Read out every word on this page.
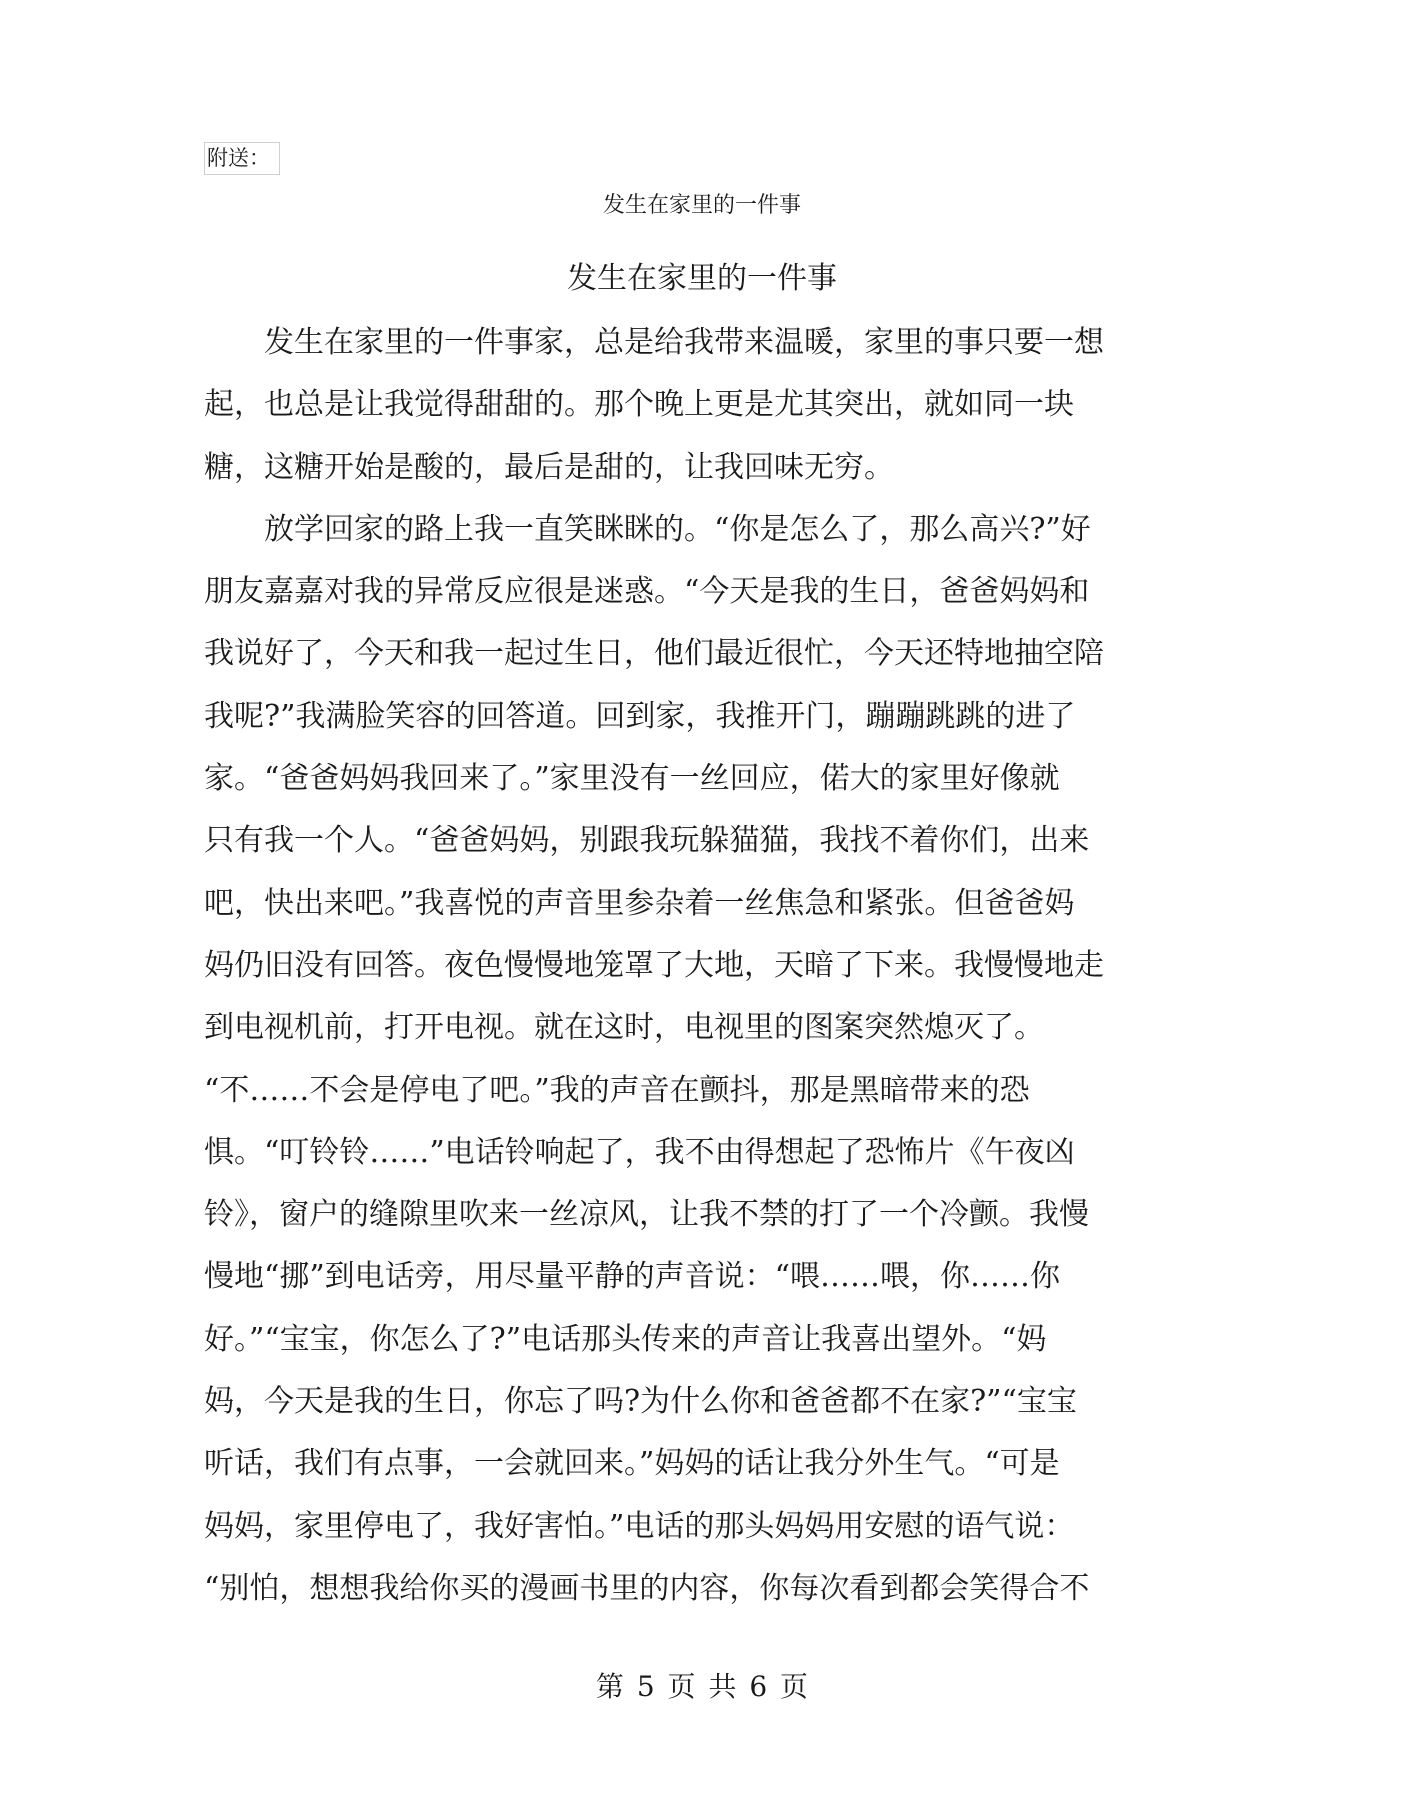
附送：
发生在家里的一件事
发生在家里的一件事
　　发生在家里的一件事家，总是给我带来温暖，家里的事只要一想
起，也总是让我觉得甜甜的。那个晚上更是尤其突出，就如同一块
糖，这糖开始是酸的，最后是甜的，让我回味无穷。
　　放学回家的路上我一直笑眯眯的。“你是怎么了，那么高兴?”好
朋友嘉嘉对我的异常反应很是迷惑。“今天是我的生日，爸爸妈妈和
我说好了，今天和我一起过生日，他们最近很忙，今天还特地抽空陪
我呢?”我满脸笑容的回答道。回到家，我推开门，蹦蹦跳跳的进了
家。“爸爸妈妈我回来了。”家里没有一丝回应，偌大的家里好像就
只有我一个人。“爸爸妈妈，别跟我玩躲猫猫，我找不着你们，出来
吧，快出来吧。”我喜悦的声音里参杂着一丝焦急和紧张。但爸爸妈
妈仍旧没有回答。夜色慢慢地笼罩了大地，天暗了下来。我慢慢地走
到电视机前，打开电视。就在这时，电视里的图案突然熄灭了。
“不……不会是停电了吧。”我的声音在颤抖，那是黑暗带来的恐
惧。“叮铃铃……”电话铃响起了，我不由得想起了恐怖片《午夜凶
铃》，窗户的缝隙里吹来一丝凉风，让我不禁的打了一个冷颤。我慢
慢地“挪”到电话旁，用尽量平静的声音说：“喂……喂，你……你
好。”“宝宝，你怎么了?”电话那头传来的声音让我喜出望外。“妈
妈，今天是我的生日，你忘了吗?为什么你和爸爸都不在家?”“宝宝
听话，我们有点事，一会就回来。”妈妈的话让我分外生气。“可是
妈妈，家里停电了，我好害怕。”电话的那头妈妈用安慰的语气说：
“别怕，想想我给你买的漫画书里的内容，你每次看到都会笑得合不
第 5 页 共 6 页
